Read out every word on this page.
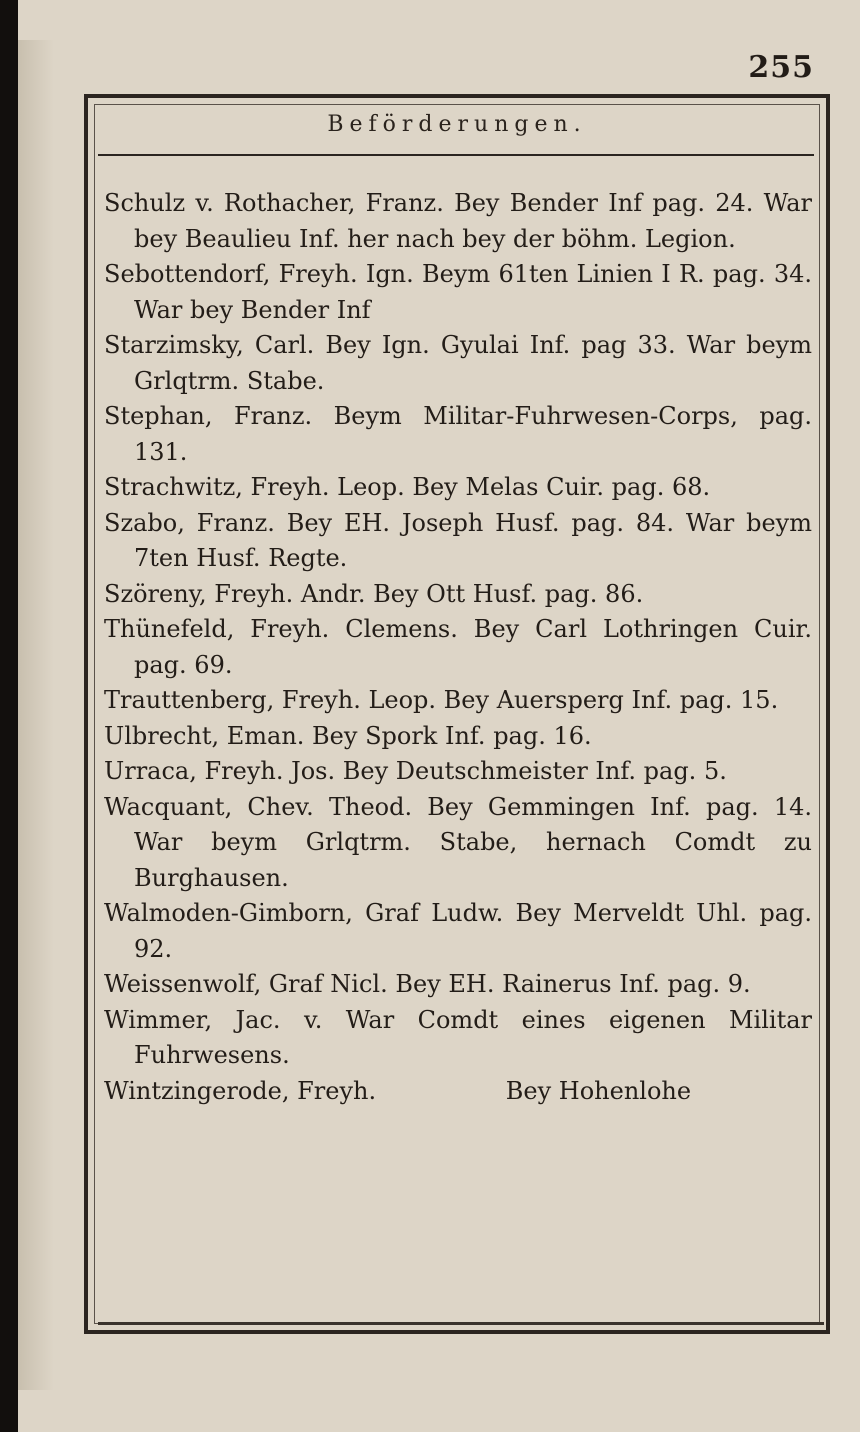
255
Beförderungen.
Schulz v. Rothacher, Franz. Bey Bender Inf pag. 24. War bey Beaulieu Inf. her nach bey der böhm. Legion.
Sebottendorf, Freyh. Ign. Beym 61ten Linien I R. pag. 34. War bey Bender Inf
Starzimsky, Carl. Bey Ign. Gyulai Inf. pag 33. War beym Grlqtrm. Stabe.
Stephan, Franz. Beym Militar-Fuhrwesen-Corps, pag. 131.
Strachwitz, Freyh. Leop. Bey Melas Cuir. pag. 68.
Szabo, Franz. Bey EH. Joseph Husf. pag. 84. War beym 7ten Husf. Regte.
Szöreny, Freyh. Andr. Bey Ott Husf. pag. 86.
Thünefeld, Freyh. Clemens. Bey Carl Lothringen Cuir. pag. 69.
Trauttenberg, Freyh. Leop. Bey Auersperg Inf. pag. 15.
Ulbrecht, Eman. Bey Spork Inf. pag. 16.
Urraca, Freyh. Jos. Bey Deutschmeister Inf. pag. 5.
Wacquant, Chev. Theod. Bey Gemmingen Inf. pag. 14. War beym Grlqtrm. Stabe, hernach Comdt zu Burghausen.
Walmoden-Gimborn, Graf Ludw. Bey Merveldt Uhl. pag. 92.
Weissenwolf, Graf Nicl. Bey EH. Rainerus Inf. pag. 9.
Wimmer, Jac. v. War Comdt eines eigenen Militar Fuhrwesens.
Wintzingerode, Freyh.                 Bey Hohenlohe
